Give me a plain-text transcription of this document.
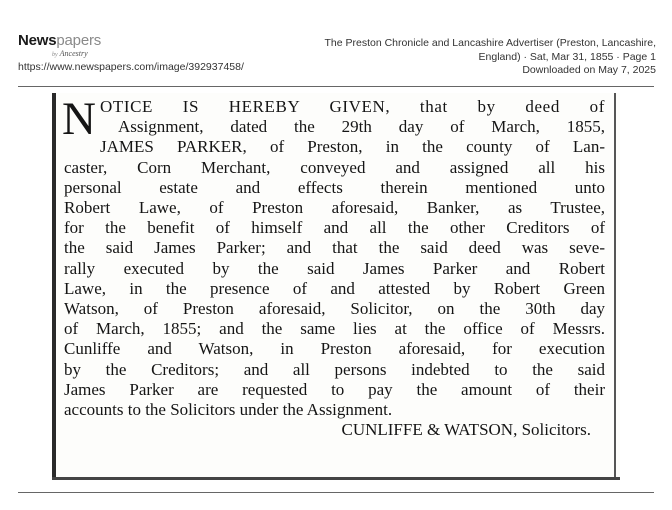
Newspapers
by Ancestry
https://www.newspapers.com/image/392937458/
The Preston Chronicle and Lancashire Advertiser (Preston, Lancashire,
England) · Sat, Mar 31, 1855 · Page 1
Downloaded on May 7, 2025
N OTICE IS HEREBY GIVEN, that by deed of
Assignment, dated the 29th day of March, 1855,
JAMES PARKER, of Preston, in the county of Lan-
caster, Corn Merchant, conveyed and assigned all his
personal estate and effects therein mentioned unto
Robert Lawe, of Preston aforesaid, Banker, as Trustee,
for the benefit of himself and all the other Creditors of
the said James Parker; and that the said deed was seve-
rally executed by the said James Parker and Robert
Lawe, in the presence of and attested by Robert Green
Watson, of Preston aforesaid, Solicitor, on the 30th day
of March, 1855; and the same lies at the office of Messrs.
Cunliffe and Watson, in Preston aforesaid, for execution
by the Creditors; and all persons indebted to the said
James Parker are requested to pay the amount of their
accounts to the Solicitors under the Assignment.
CUNLIFFE & WATSON, Solicitors.
